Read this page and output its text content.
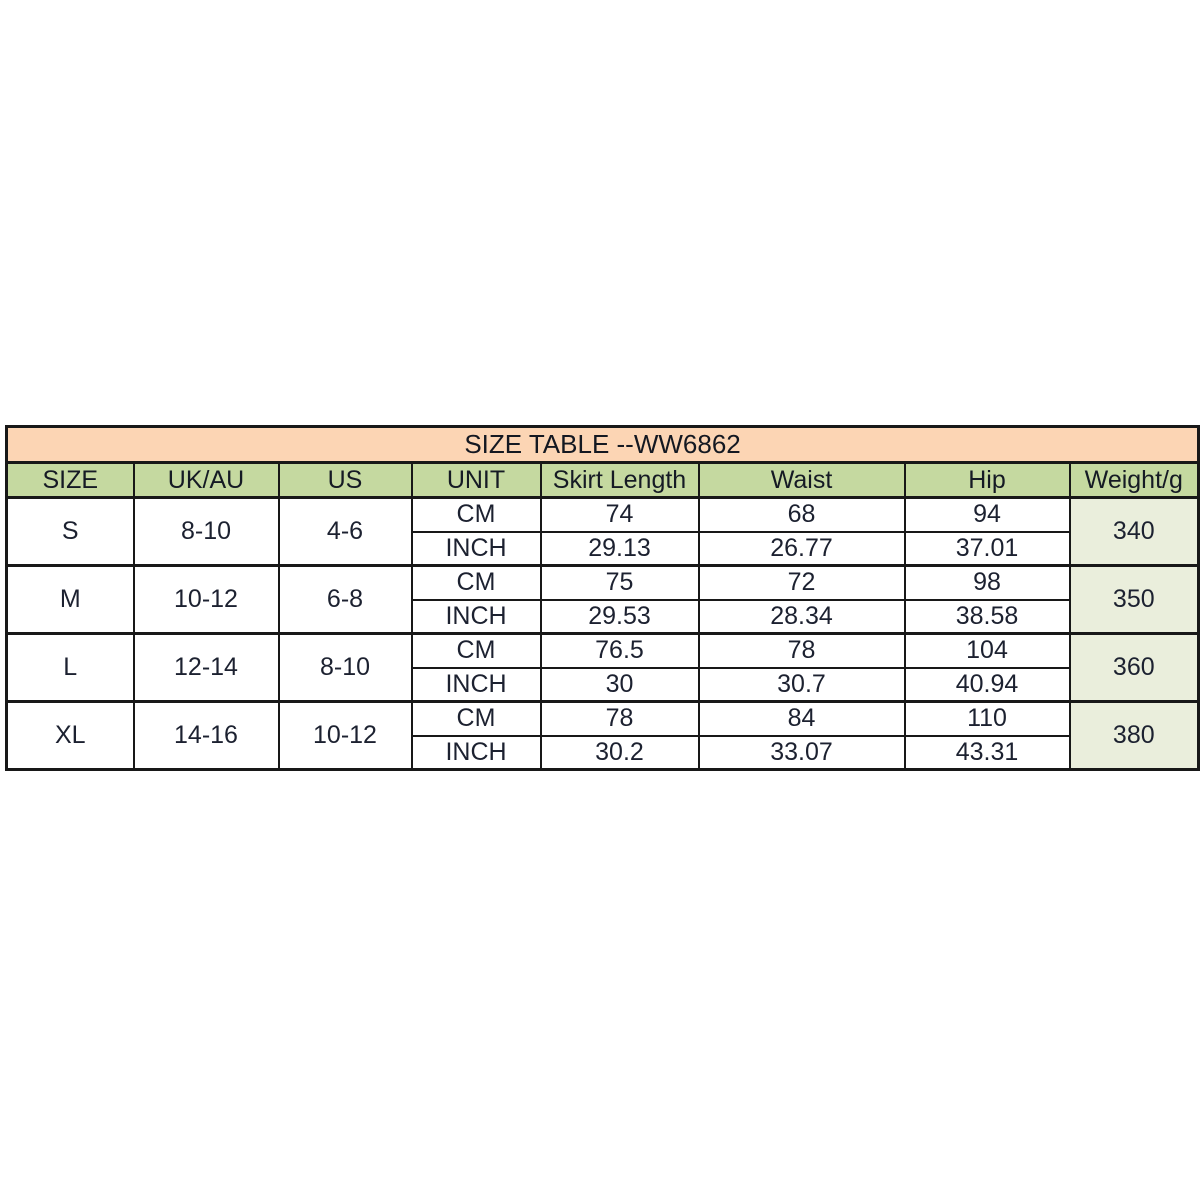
SIZE TABLE --WW6862							
SIZE	UK/AU	US	UNIT	Skirt Length	Waist	Hip	Weight/g
S	8-10	4-6	CM	74	68	94	340
			INCH	29.13	26.77	37.01	
M	10-12	6-8	CM	75	72	98	350
			INCH	29.53	28.34	38.58	
L	12-14	8-10	CM	76.5	78	104	360
			INCH	30	30.7	40.94	
XL	14-16	10-12	CM	78	84	110	380
			INCH	30.2	33.07	43.31	
